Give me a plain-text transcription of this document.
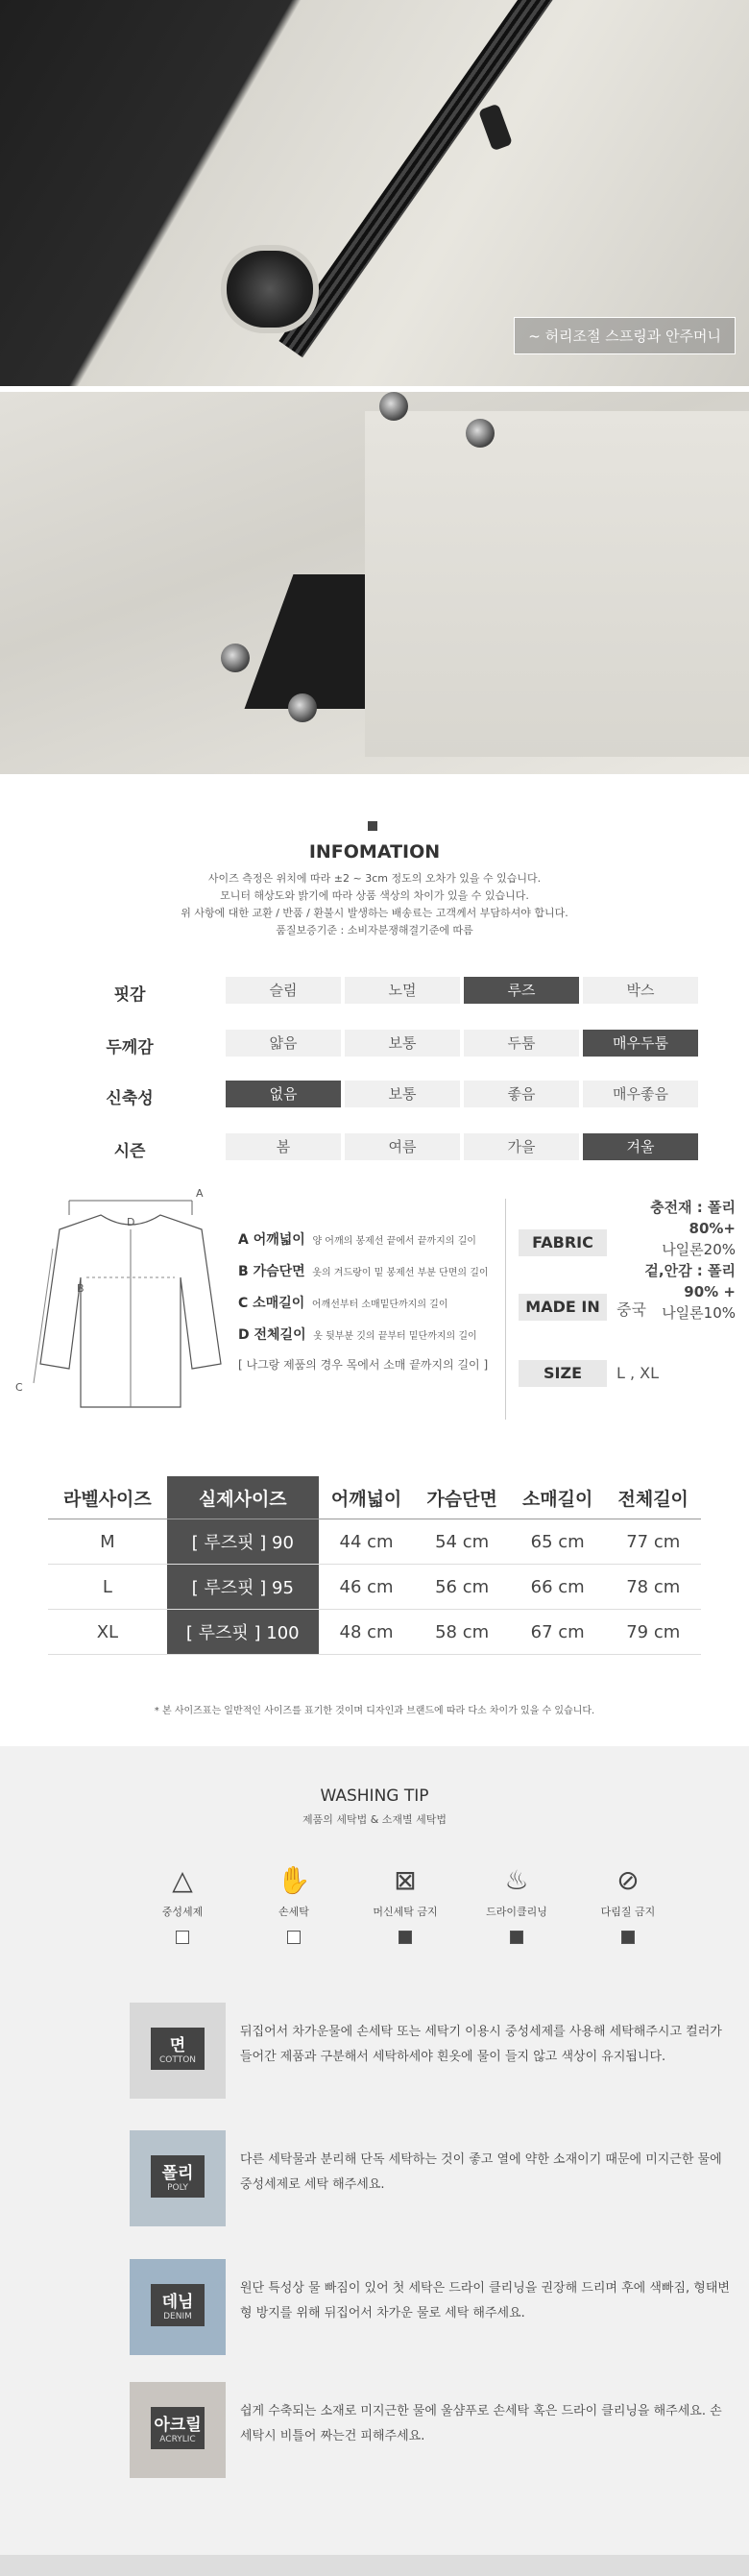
~ 허리조절 스프링과 안주머니
INFOMATION
사이즈 측정은 위치에 따라 ±2 ~ 3cm 정도의 오차가 있을 수 있습니다.
모니터 해상도와 밝기에 따라 상품 색상의 차이가 있을 수 있습니다.
위 사항에 대한 교환 / 반품 / 환불시 발생하는 배송료는 고객께서 부담하셔야 합니다.
품질보증기준 : 소비자분쟁해결기준에 따름
핏감	슬림	노멀	루즈	박스
두께감	얇음	보통	두툼	매우두툼
신축성	없음	보통	좋음	매우좋음
시즌	봄	여름	가을	겨울
A
D
B
C
A 어깨넓이 양 어깨의 봉제선 끝에서 끝까지의 길이
B 가슴단면 옷의 겨드랑이 밑 봉제선 부분 단면의 길이
C 소매길이 어깨선부터 소매밑단까지의 길이
D 전체길이 옷 뒷부분 깃의 끝부터 밑단까지의 길이
[ 나그랑 제품의 경우 목에서 소매 끝까지의 길이 ]
FABRIC
충전재 : 폴리80%+
나일론20%
겉,안감 : 폴리90% +
나일론10%
MADE IN	중국
SIZE	L , XL
라벨사이즈	실제사이즈	어깨넓이	가슴단면	소매길이	전체길이
M	[ 루즈핏 ] 90	44 cm	54 cm	65 cm	77 cm
L	[ 루즈핏 ] 95	46 cm	56 cm	66 cm	78 cm
XL	[ 루즈핏 ] 100	48 cm	58 cm	67 cm	79 cm
* 본 사이즈표는 일반적인 사이즈를 표기한 것이며 디자인과 브랜드에 따라 다소 차이가 있을 수 있습니다.
WASHING TIP
제품의 세탁법 & 소재별 세탁법
△
중성세제
✋
손세탁
⊠
머신세탁 금지
♨
드라이클리닝
⊘
다림질 금지
면
COTTON
뒤집어서 차가운물에 손세탁 또는 세탁기 이용시 중성세제를 사용해 세탁해주시고 컬러가 들어간 제품과 구분해서 세탁하세야 흰옷에 물이 들지 않고 색상이 유지됩니다.
폴리
POLY
다른 세탁물과 분리해 단독 세탁하는 것이 좋고 열에 약한 소재이기 때문에 미지근한 물에 중성세제로 세탁 해주세요.
데님
DENIM
원단 특성상 물 빠짐이 있어 첫 세탁은 드라이 클리닝을 권장해 드리며 후에 색빠짐, 형태변형 방지를 위해 뒤집어서 차가운 물로 세탁 해주세요.
아크릴
ACRYLIC
쉽게 수축되는 소재로 미지근한 물에 울샴푸로 손세탁 혹은 드라이 클리닝을 해주세요. 손 세탁시 비틀어 짜는건 피해주세요.
